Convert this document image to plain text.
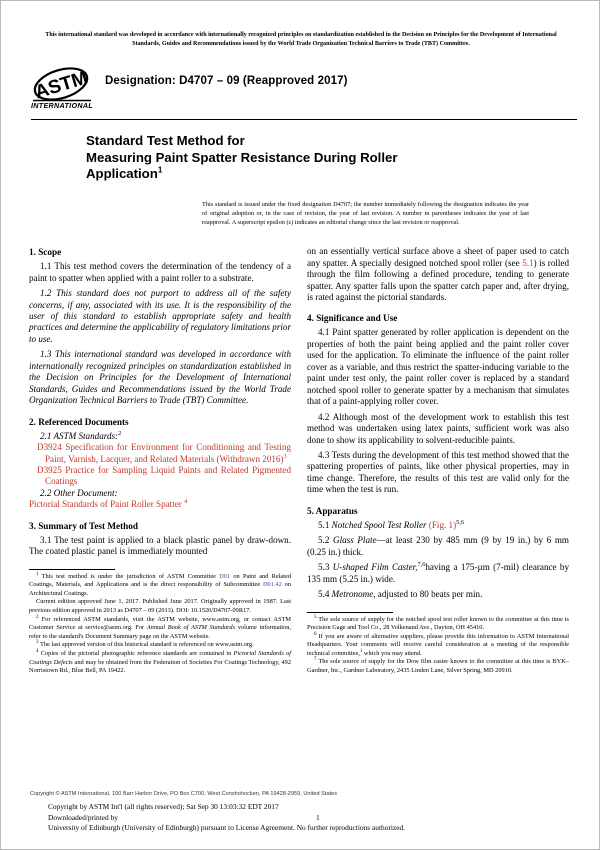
This international standard was developed in accordance with internationally recognized principles on standardization established in the Decision on Principles for the Development of International Standards, Guides and Recommendations issued by the World Trade Organization Technical Barriers to Trade (TBT) Committee.
ASTM
INTERNATIONAL
Designation: D4707 – 09 (Reapproved 2017)
Standard Test Method for
Measuring Paint Spatter Resistance During Roller
Application$^1$
This standard is issued under the fixed designation D4707; the number immediately following the designation indicates the year of original adoption or, in the case of revision, the year of last revision. A number in parentheses indicates the year of last reapproval. A superscript epsilon (ε) indicates an editorial change since the last revision or reapproval.
1. Scope

1.1 This test method covers the determination of the tendency of a paint to spatter when applied with a paint roller to a substrate.

1.2 This standard does not purport to address all of the safety concerns, if any, associated with its use. It is the responsibility of the user of this standard to establish appropriate safety and health practices and determine the applicability of regulatory limitations prior to use.

1.3 This international standard was developed in accordance with internationally recognized principles on standardization established in the Decision on Principles for the Development of International Standards, Guides and Recommendations issued by the World Trade Organization Technical Barriers to Trade (TBT) Committee.

2. Referenced Documents
2.1 ASTM Standards:$^2$

D3924 Specification for Environment for Conditioning and Testing Paint, Varnish, Lacquer, and Related Materials (Withdrawn 2016)$^3$

D3925 Practice for Sampling Liquid Paints and Related Pigmented Coatings

2.2 Other Document:

Pictorial Standards of Paint Roller Spatter $^4$

3. Summary of Test Method

3.1 The test paint is applied to a black plastic panel by draw-down. The coated plastic panel is immediately mounted

$^1$ This test method is under the jurisdiction of ASTM Committee D01 on Paint and Related Coatings, Materials, and Applications and is the direct responsibility of Subcommittee D01.42 on Architectural Coatings.

Current edition approved June 1, 2017. Published June 2017. Originally approved in 1987. Last previous edition approved in 2013 as D4707 – 09 (2013). DOI: 10.1520/D4707-09R17.

$^2$ For referenced ASTM standards, visit the ASTM website, www.astm.org, or contact ASTM Customer Service at service@astm.org. For Annual Book of ASTM Standards volume information, refer to the standard's Document Summary page on the ASTM website.

$^3$ The last approved version of this historical standard is referenced on www.astm.org.

$^4$ Copies of the pictorial photographic reference standards are contained in Pictorial Standards of Coatings Defects and may be obtained from the Federation of Societies For Coatings Technology, 492 Norristown Rd., Blue Bell, PA 19422.

on an essentially vertical surface above a sheet of paper used to catch any spatter. A specially designed notched spool roller (see 5.1) is rolled through the film following a defined procedure, tending to generate spatter. Any spatter falls upon the spatter catch paper and, after drying, is rated against the pictorial standards.

4. Significance and Use

4.1 Paint spatter generated by roller application is dependent on the properties of both the paint being applied and the paint roller cover used for the application. To eliminate the influence of the paint roller cover as a variable, and thus restrict the spatter-inducing variable to the paint under test only, the paint roller cover is replaced by a standard notched spool roller to generate spatter by a mechanism that simulates that of a paint-applying roller cover.

4.2 Although most of the development work to establish this test method was undertaken using latex paints, sufficient work was also done to show its applicability to solvent-reducible paints.

4.3 Tests during the development of this test method showed that the spattering properties of paints, like other physical properties, may in time change. Therefore, the results of this test are valid only for the time when the test is run.

5. Apparatus

5.1 Notched Spool Test Roller (Fig. 1)$^{5,6}$

5.2 Glass Plate—at least 230 by 485 mm (9 by 19 in.) by 6 mm (0.25 in.) thick.

5.3 U-shaped Film Caster,$^{7,6}$having a 175-µm (7-mil) clearance by 135 mm (5.25 in.) wide.

5.4 Metronome, adjusted to 80 beats per min.

$^5$ The sole source of supply for the notched spool test roller known to the committee at this time is Precision Gage and Tool Co., 28 Volkenand Ave., Dayton, OH 45410.

$^6$ If you are aware of alternative suppliers, please provide this information to ASTM International Headquarters. Your comments will receive careful consideration at a meeting of the responsible technical committee,$^1$ which you may attend.

$^7$ The sole source of supply for the Dow film caster known to the committee at this time is BYK–Gardner, Inc., Gardner Laboratory, 2435 Linden Lane, Silver Spring, MD 20910.

Copyright © ASTM International, 100 Barr Harbor Drive, PO Box C700, West Conshohocken, PA 19428-2959, United States
Copyright by ASTM Int'l (all rights reserved); Sat Sep 30 13:03:32 EDT 2017
Downloaded/printed by
University of Edinburgh (University of Edinburgh) pursuant to License Agreement. No further reproductions authorized.
1
